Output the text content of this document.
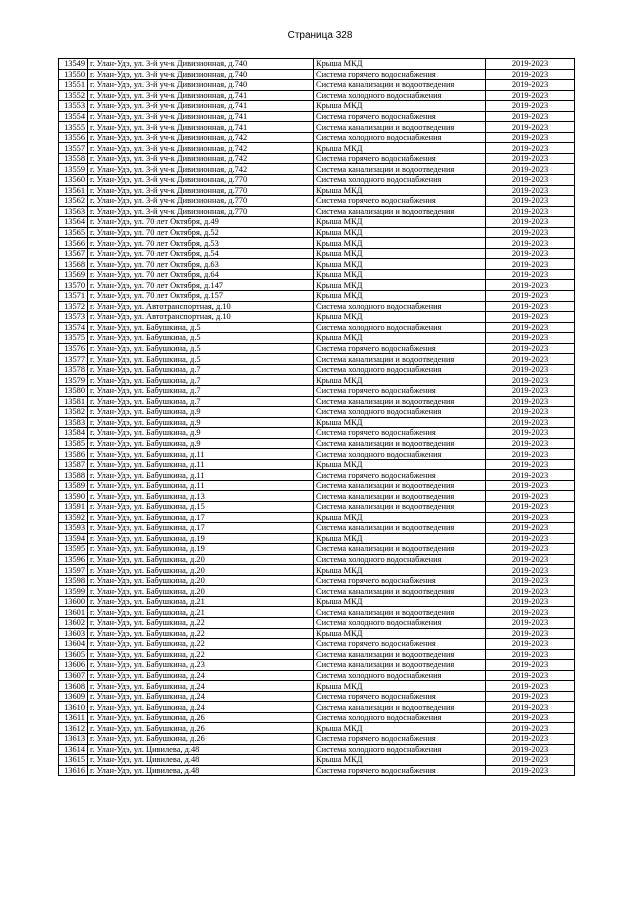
Страница 328
13549	г. Улан-Удэ, ул. 3-й уч-к Дивизионная, д.740	Крыша МКД	2019-2023
13550	г. Улан-Удэ, ул. 3-й уч-к Дивизионная, д.740	Система горячего водоснабжения	2019-2023
13551	г. Улан-Удэ, ул. 3-й уч-к Дивизионная, д.740	Система канализации и водоотведения	2019-2023
13552	г. Улан-Удэ, ул. 3-й уч-к Дивизионная, д.741	Система холодного водоснабжения	2019-2023
13553	г. Улан-Удэ, ул. 3-й уч-к Дивизионная, д.741	Крыша МКД	2019-2023
13554	г. Улан-Удэ, ул. 3-й уч-к Дивизионная, д.741	Система горячего водоснабжения	2019-2023
13555	г. Улан-Удэ, ул. 3-й уч-к Дивизионная, д.741	Система канализации и водоотведения	2019-2023
13556	г. Улан-Удэ, ул. 3-й уч-к Дивизионная, д.742	Система холодного водоснабжения	2019-2023
13557	г. Улан-Удэ, ул. 3-й уч-к Дивизионная, д.742	Крыша МКД	2019-2023
13558	г. Улан-Удэ, ул. 3-й уч-к Дивизионная, д.742	Система горячего водоснабжения	2019-2023
13559	г. Улан-Удэ, ул. 3-й уч-к Дивизионная, д.742	Система канализации и водоотведения	2019-2023
13560	г. Улан-Удэ, ул. 3-й уч-к Дивизионная, д.770	Система холодного водоснабжения	2019-2023
13561	г. Улан-Удэ, ул. 3-й уч-к Дивизионная, д.770	Крыша МКД	2019-2023
13562	г. Улан-Удэ, ул. 3-й уч-к Дивизионная, д.770	Система горячего водоснабжения	2019-2023
13563	г. Улан-Удэ, ул. 3-й уч-к Дивизионная, д.770	Система канализации и водоотведения	2019-2023
13564	г. Улан-Удэ, ул. 70 лет Октября, д.49	Крыша МКД	2019-2023
13565	г. Улан-Удэ, ул. 70 лет Октября, д.52	Крыша МКД	2019-2023
13566	г. Улан-Удэ, ул. 70 лет Октября, д.53	Крыша МКД	2019-2023
13567	г. Улан-Удэ, ул. 70 лет Октября, д.54	Крыша МКД	2019-2023
13568	г. Улан-Удэ, ул. 70 лет Октября, д.63	Крыша МКД	2019-2023
13569	г. Улан-Удэ, ул. 70 лет Октября, д.64	Крыша МКД	2019-2023
13570	г. Улан-Удэ, ул. 70 лет Октября, д.147	Крыша МКД	2019-2023
13571	г. Улан-Удэ, ул. 70 лет Октября, д.157	Крыша МКД	2019-2023
13572	г. Улан-Удэ, ул. Автотранспортная, д.10	Система холодного водоснабжения	2019-2023
13573	г. Улан-Удэ, ул. Автотранспортная, д.10	Крыша МКД	2019-2023
13574	г. Улан-Удэ, ул. Бабушкина, д.5	Система холодного водоснабжения	2019-2023
13575	г. Улан-Удэ, ул. Бабушкина, д.5	Крыша МКД	2019-2023
13576	г. Улан-Удэ, ул. Бабушкина, д.5	Система горячего водоснабжения	2019-2023
13577	г. Улан-Удэ, ул. Бабушкина, д.5	Система канализации и водоотведения	2019-2023
13578	г. Улан-Удэ, ул. Бабушкина, д.7	Система холодного водоснабжения	2019-2023
13579	г. Улан-Удэ, ул. Бабушкина, д.7	Крыша МКД	2019-2023
13580	г. Улан-Удэ, ул. Бабушкина, д.7	Система горячего водоснабжения	2019-2023
13581	г. Улан-Удэ, ул. Бабушкина, д.7	Система канализации и водоотведения	2019-2023
13582	г. Улан-Удэ, ул. Бабушкина, д.9	Система холодного водоснабжения	2019-2023
13583	г. Улан-Удэ, ул. Бабушкина, д.9	Крыша МКД	2019-2023
13584	г. Улан-Удэ, ул. Бабушкина, д.9	Система горячего водоснабжения	2019-2023
13585	г. Улан-Удэ, ул. Бабушкина, д.9	Система канализации и водоотведения	2019-2023
13586	г. Улан-Удэ, ул. Бабушкина, д.11	Система холодного водоснабжения	2019-2023
13587	г. Улан-Удэ, ул. Бабушкина, д.11	Крыша МКД	2019-2023
13588	г. Улан-Удэ, ул. Бабушкина, д.11	Система горячего водоснабжения	2019-2023
13589	г. Улан-Удэ, ул. Бабушкина, д.11	Система канализации и водоотведения	2019-2023
13590	г. Улан-Удэ, ул. Бабушкина, д.13	Система канализации и водоотведения	2019-2023
13591	г. Улан-Удэ, ул. Бабушкина, д.15	Система канализации и водоотведения	2019-2023
13592	г. Улан-Удэ, ул. Бабушкина, д.17	Крыша МКД	2019-2023
13593	г. Улан-Удэ, ул. Бабушкина, д.17	Система канализации и водоотведения	2019-2023
13594	г. Улан-Удэ, ул. Бабушкина, д.19	Крыша МКД	2019-2023
13595	г. Улан-Удэ, ул. Бабушкина, д.19	Система канализации и водоотведения	2019-2023
13596	г. Улан-Удэ, ул. Бабушкина, д.20	Система холодного водоснабжения	2019-2023
13597	г. Улан-Удэ, ул. Бабушкина, д.20	Крыша МКД	2019-2023
13598	г. Улан-Удэ, ул. Бабушкина, д.20	Система горячего водоснабжения	2019-2023
13599	г. Улан-Удэ, ул. Бабушкина, д.20	Система канализации и водоотведения	2019-2023
13600	г. Улан-Удэ, ул. Бабушкина, д.21	Крыша МКД	2019-2023
13601	г. Улан-Удэ, ул. Бабушкина, д.21	Система канализации и водоотведения	2019-2023
13602	г. Улан-Удэ, ул. Бабушкина, д.22	Система холодного водоснабжения	2019-2023
13603	г. Улан-Удэ, ул. Бабушкина, д.22	Крыша МКД	2019-2023
13604	г. Улан-Удэ, ул. Бабушкина, д.22	Система горячего водоснабжения	2019-2023
13605	г. Улан-Удэ, ул. Бабушкина, д.22	Система канализации и водоотведения	2019-2023
13606	г. Улан-Удэ, ул. Бабушкина, д.23	Система канализации и водоотведения	2019-2023
13607	г. Улан-Удэ, ул. Бабушкина, д.24	Система холодного водоснабжения	2019-2023
13608	г. Улан-Удэ, ул. Бабушкина, д.24	Крыша МКД	2019-2023
13609	г. Улан-Удэ, ул. Бабушкина, д.24	Система горячего водоснабжения	2019-2023
13610	г. Улан-Удэ, ул. Бабушкина, д.24	Система канализации и водоотведения	2019-2023
13611	г. Улан-Удэ, ул. Бабушкина, д.26	Система холодного водоснабжения	2019-2023
13612	г. Улан-Удэ, ул. Бабушкина, д.26	Крыша МКД	2019-2023
13613	г. Улан-Удэ, ул. Бабушкина, д.26	Система горячего водоснабжения	2019-2023
13614	г. Улан-Удэ, ул. Цивилева, д.48	Система холодного водоснабжения	2019-2023
13615	г. Улан-Удэ, ул. Цивилева, д.48	Крыша МКД	2019-2023
13616	г. Улан-Удэ, ул. Цивилева, д.48	Система горячего водоснабжения	2019-2023
